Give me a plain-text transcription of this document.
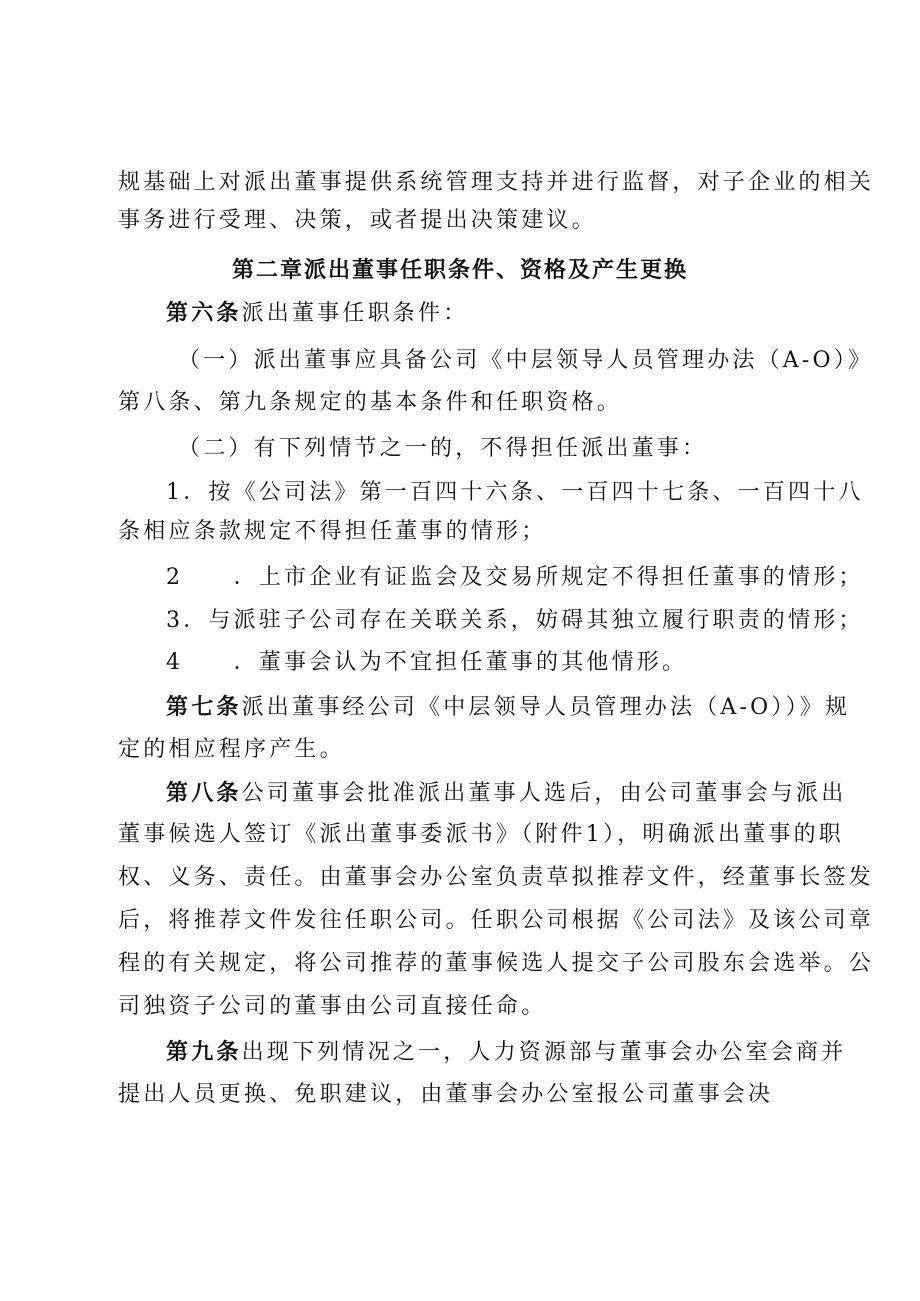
规基础上对派出董事提供系统管理支持并进行监督，对子企业的相关
事务进行受理、决策，或者提出决策建议。
第二章派出董事任职条件、资格及产生更换
第六条派出董事任职条件：
（一）派出董事应具备公司《中层领导人员管理办法（A-O）》
第八条、第九条规定的基本条件和任职资格。
（二）有下列情节之一的，不得担任派出董事：
1．按《公司法》第一百四十六条、一百四十七条、一百四十八
条相应条款规定不得担任董事的情形；
2　　．上市企业有证监会及交易所规定不得担任董事的情形；
3．与派驻子公司存在关联关系，妨碍其独立履行职责的情形；
4　　．董事会认为不宜担任董事的其他情形。
第七条派出董事经公司《中层领导人员管理办法（A-O））》规
定的相应程序产生。
第八条公司董事会批准派出董事人选后，由公司董事会与派出
董事候选人签订《派出董事委派书》（附件1），明确派出董事的职
权、义务、责任。由董事会办公室负责草拟推荐文件，经董事长签发
后，将推荐文件发往任职公司。任职公司根据《公司法》及该公司章
程的有关规定，将公司推荐的董事候选人提交子公司股东会选举。公
司独资子公司的董事由公司直接任命。
第九条出现下列情况之一，人力资源部与董事会办公室会商并
提出人员更换、免职建议，由董事会办公室报公司董事会决
